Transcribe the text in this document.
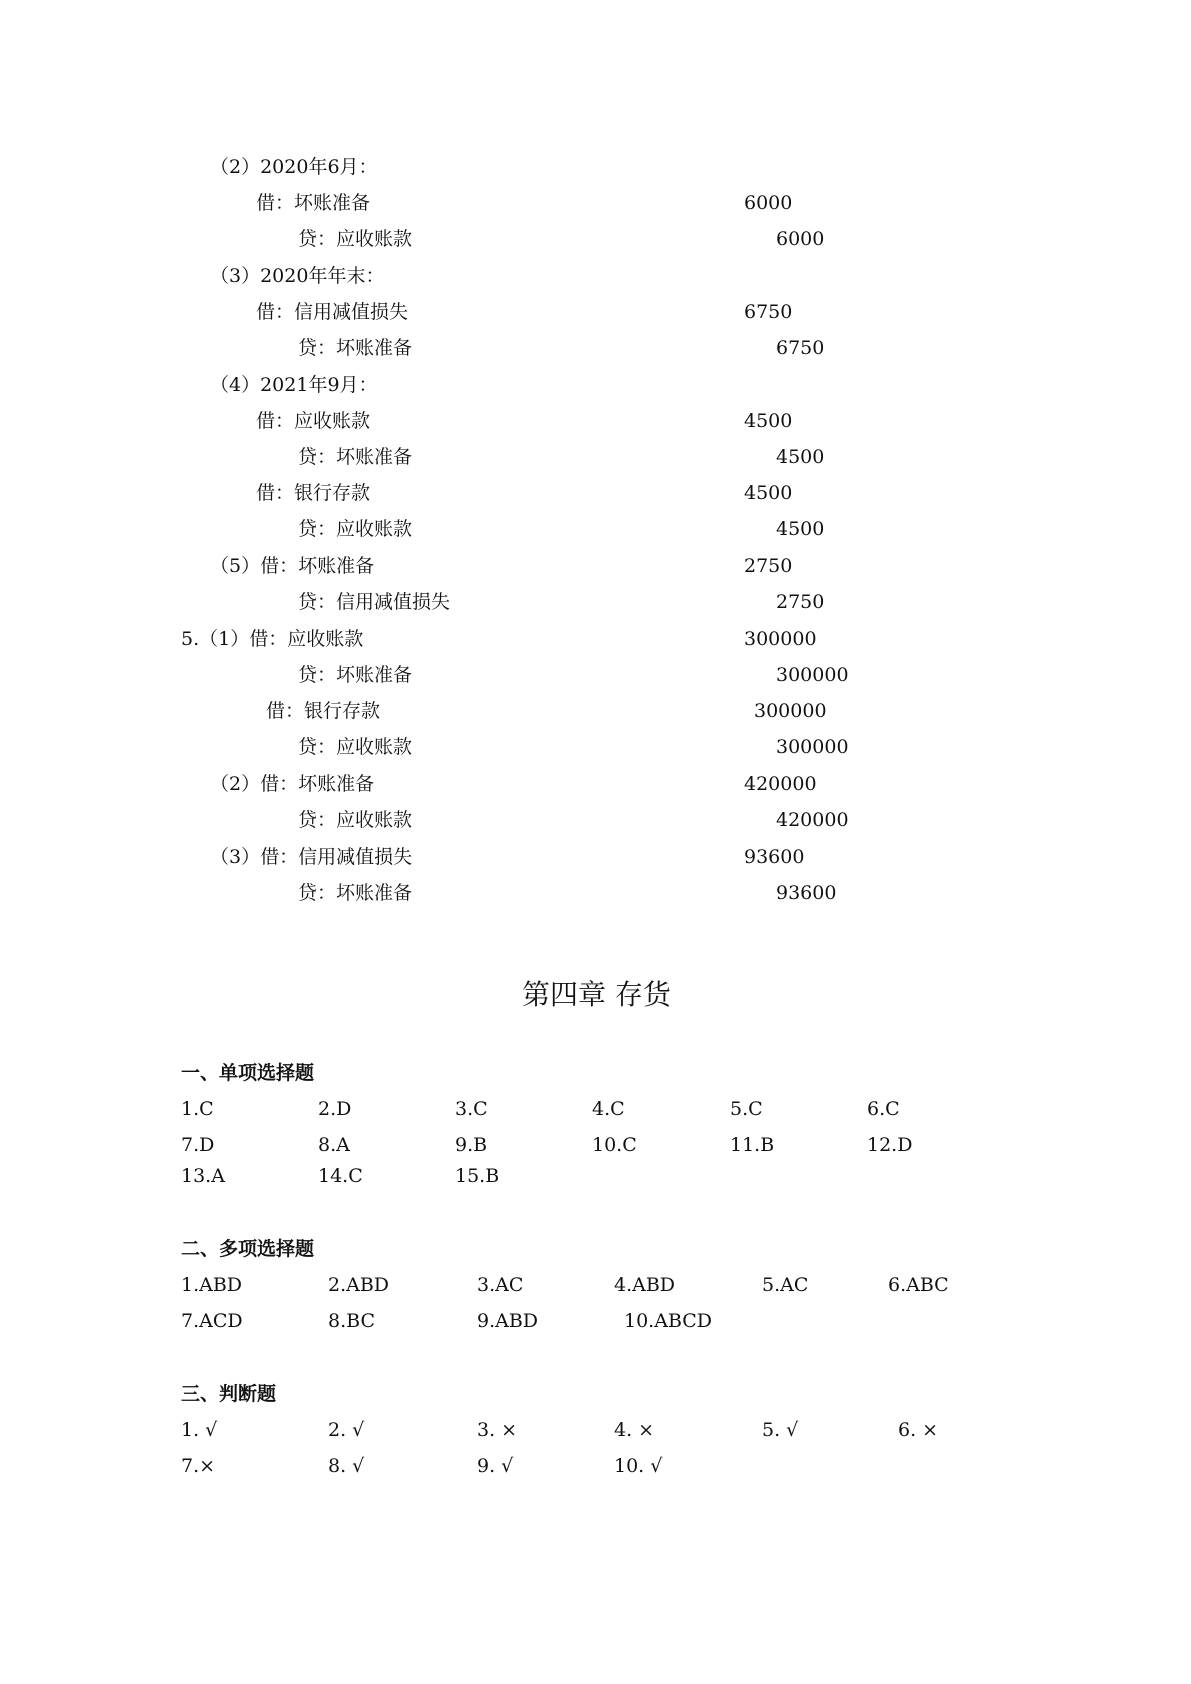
（2）2020年6月：
借：坏账准备	6000
贷：应收账款	6000
（3）2020年年末：
借：信用减值损失	6750
贷：坏账准备	6750
（4）2021年9月：
借：应收账款	4500
贷：坏账准备	4500
借：银行存款	4500
贷：应收账款	4500
（5）借：坏账准备	2750
贷：信用减值损失	2750
5.（1）借：应收账款	300000
贷：坏账准备	300000
借：银行存款	300000
贷：应收账款	300000
（2）借：坏账准备	420000
贷：应收账款	420000
（3）借：信用减值损失	93600
贷：坏账准备	93600
第四章 存货
一、单项选择题
1.C	2.D	3.C	4.C	5.C	6.C
7.D	8.A	9.B	10.C	11.B	12.D
13.A	14.C	15.B
二、多项选择题
1.ABD	2.ABD	3.AC	4.ABD	5.AC	6.ABC
7.ACD	8.BC	9.ABD	10.ABCD
三、判断题
1. √	2. √	3. ×	4. ×	5. √	6. ×
7.×	8. √	9. √	10. √
